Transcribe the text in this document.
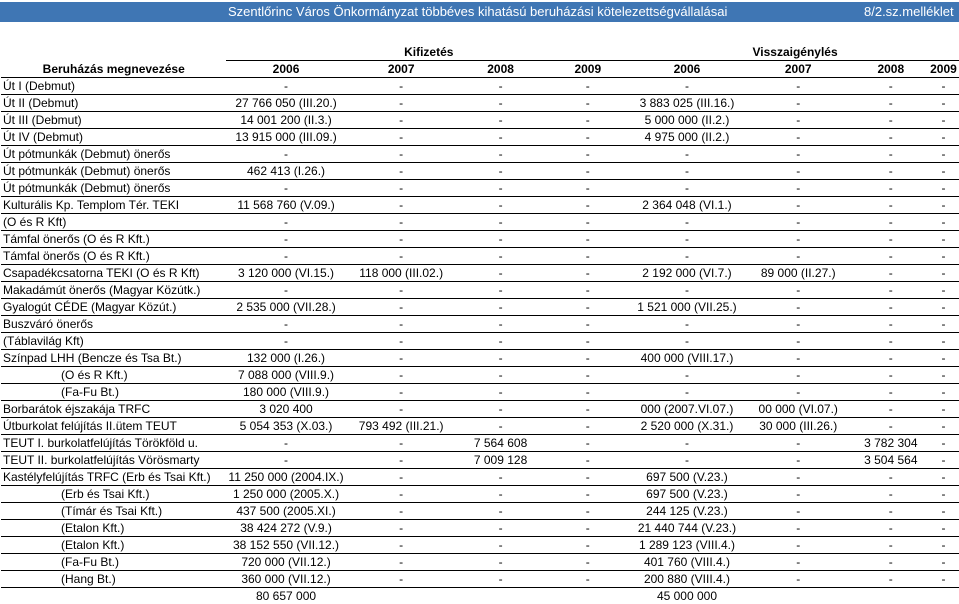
Szentlőrinc Város Önkormányzat többéves kihatású beruházási kötelezettségvállalásai	8/2.sz.melléklet
	Kifizetés				Visszaigénylés			
Beruházás megnevezése	2006	2007	2008	2009	2006	2007	2008	2009
Út I (Debmut)	-	-	-	-	-	-	-	-
Út II (Debmut)	27 766 050 (III.20.)	-	-	-	3 883 025 (III.16.)	-	-	-
Út III (Debmut)	14 001 200 (II.3.)	-	-	-	5 000 000 (II.2.)	-	-	-
Út IV (Debmut)	13 915 000 (III.09.)	-	-	-	4 975 000 (II.2.)	-	-	-
Út pótmunkák (Debmut) önerős	-	-	-	-	-	-	-	-
Út pótmunkák (Debmut) önerős	462 413 (I.26.)	-	-	-	-	-	-	-
Út pótmunkák (Debmut) önerős	-	-	-	-	-	-	-	-
Kulturális Kp. Templom Tér. TEKI	11 568 760 (V.09.)	-	-	-	2 364 048 (VI.1.)	-	-	-
(O és R Kft)	-	-	-	-	-	-	-	-
Támfal önerős (O és R Kft.)	-	-	-	-	-	-	-	-
Támfal önerős (O és R Kft.)	-	-	-	-	-	-	-	-
Csapadékcsatorna TEKI (O és R Kft)	3 120 000 (VI.15.)	118 000 (III.02.)	-	-	2 192 000 (VI.7.)	89 000 (II.27.)	-	-
Makadámút önerős (Magyar Közútk.)	-	-	-	-	-	-	-	-
Gyalogút CÉDE (Magyar Közút.)	2 535 000 (VII.28.)	-	-	-	1 521 000 (VII.25.)	-	-	-
Buszváró önerős	-	-	-	-	-	-	-	-
(Táblavilág Kft)	-	-	-	-	-	-	-	-
Színpad LHH (Bencze és Tsa Bt.)	132 000 (I.26.)	-	-	-	400 000 (VIII.17.)	-	-	-
(O és R Kft.)	7 088 000 (VIII.9.)	-	-	-	-	-	-	-
(Fa-Fu Bt.)	180 000 (VIII.9.)	-	-	-	-	-	-	-
Borbarátok éjszakája TRFC	3 020 400	-	-	-	000 (2007.VI.07.)	00 000 (VI.07.)	-	-
Útburkolat felújítás II.ütem TEUT	5 054 353 (X.03.)	793 492 (III.21.)	-	-	2 520 000 (X.31.)	30 000 (III.26.)	-	-
TEUT I. burkolatfelújítás Törökföld u.	-	-	7 564 608	-	-	-	3 782 304	-
TEUT II. burkolatfelújítás Vörösmarty	-	-	7 009 128	-	-	-	3 504 564	-
Kastélyfelújítás TRFC (Erb és Tsai Kft.)	11 250 000 (2004.IX.)	-	-	-	697 500 (V.23.)	-	-	-
(Erb és Tsai Kft.)	1 250 000 (2005.X.)	-	-	-	697 500 (V.23.)	-	-	-
(Tímár és Tsai Kft.)	437 500 (2005.XI.)	-	-	-	244 125 (V.23.)	-	-	-
(Etalon Kft.)	38 424 272 (V.9.)	-	-	-	21 440 744 (V.23.)	-	-	-
(Etalon Kft.)	38 152 550 (VII.12.)	-	-	-	1 289 123 (VIII.4.)	-	-	-
(Fa-Fu Bt.)	720 000 (VII.12.)	-	-	-	401 760 (VIII.4.)	-	-	-
(Hang Bt.)	360 000 (VII.12.)	-	-	-	200 880 (VIII.4.)	-	-	-
	80 657 000				45 000 000			
